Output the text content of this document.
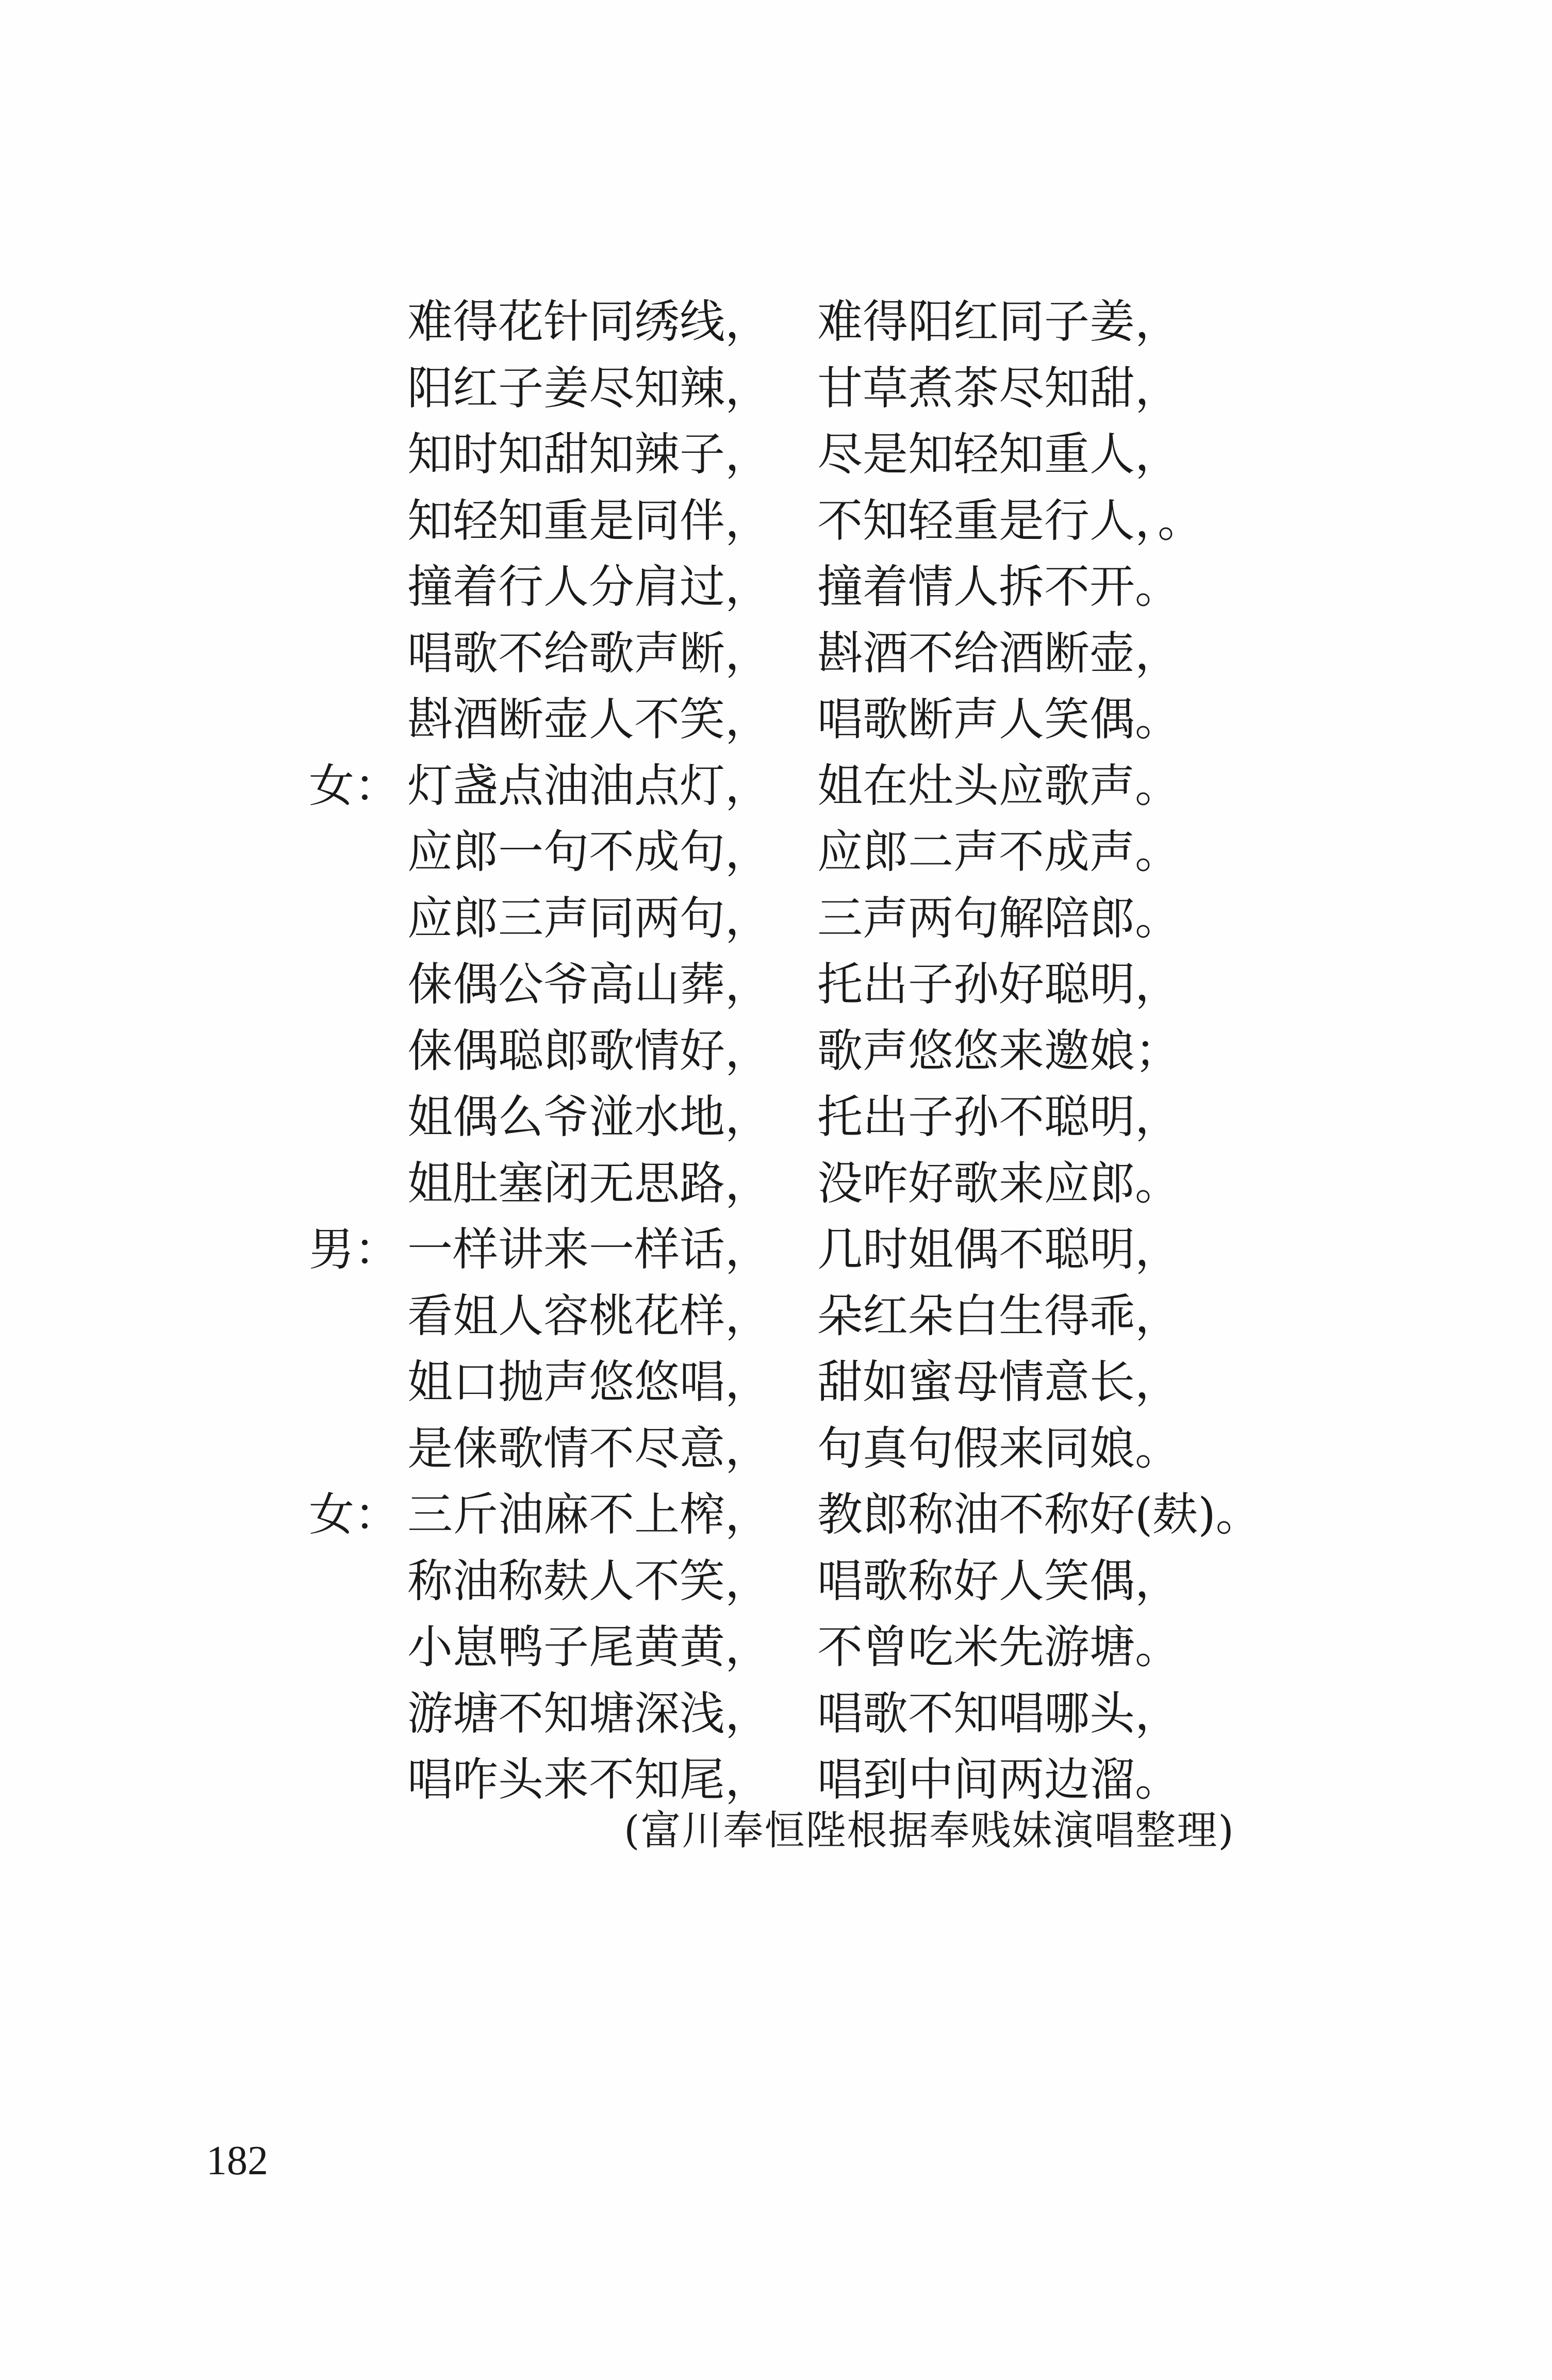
难得花针同绣线， 难得阳红同子姜，
阳红子姜尽知辣， 甘草煮茶尽知甜，
知时知甜知辣子， 尽是知轻知重人，
知轻知重是同伴， 不知轻重是行人，。
撞着行人分肩过， 撞着情人拆不开。
唱歌不给歌声断， 斟酒不给酒断壶，
斟酒断壶人不笑， 唱歌断声人笑偶。
女： 灯盏点油油点灯， 姐在灶头应歌声。
应郎一句不成句， 应郎二声不成声。
应郎三声同两句， 三声两句解陪郎。
俫偶公爷高山葬， 托出子孙好聪明，
俫偶聪郎歌情好， 歌声悠悠来邀娘；
姐偶么爷湴水地， 托出子孙不聪明，
姐肚塞闭无思路， 没咋好歌来应郎。
男： 一样讲来一样话， 几时姐偶不聪明，
看姐人容桃花样， 朵红朵白生得乖，
姐口抛声悠悠唱， 甜如蜜母情意长，
是俫歌情不尽意， 句真句假来同娘。
女： 三斤油麻不上榨， 教郎称油不称好(麸)。
称油称麸人不笑， 唱歌称好人笑偶，
小崽鸭子尾黄黄， 不曾吃米先游塘。
游塘不知塘深浅， 唱歌不知唱哪头，
唱咋头来不知尾， 唱到中间两边溜。
(富川奉恒陛根据奉贱妹演唱整理)
182
